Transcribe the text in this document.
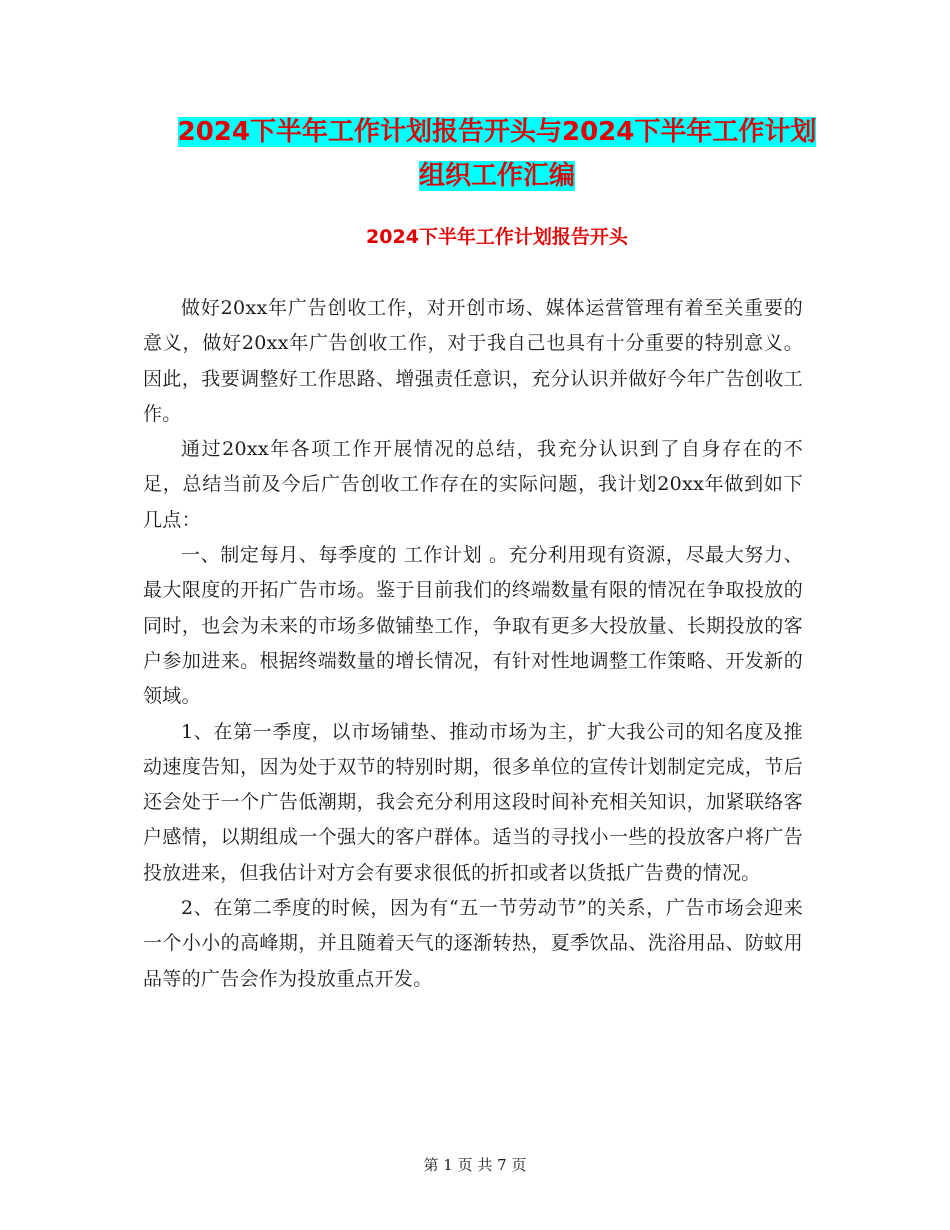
2024下半年工作计划报告开头与2024下半年工作计划
组织工作汇编
2024下半年工作计划报告开头

做好20xx年广告创收工作，对开创市场、媒体运营管理有着至关重要的意义，做好20xx年广告创收工作，对于我自己也具有十分重要的特别意义。因此，我要调整好工作思路、增强责任意识，充分认识并做好今年广告创收工作。

通过20xx年各项工作开展情况的总结，我充分认识到了自身存在的不足，总结当前及今后广告创收工作存在的实际问题，我计划20xx年做到如下几点：

一、制定每月、每季度的 工作计划 。充分利用现有资源，尽最大努力、最大限度的开拓广告市场。鉴于目前我们的终端数量有限的情况在争取投放的同时，也会为未来的市场多做铺垫工作，争取有更多大投放量、长期投放的客户参加进来。根据终端数量的增长情况，有针对性地调整工作策略、开发新的领域。

1、在第一季度，以市场铺垫、推动市场为主，扩大我公司的知名度及推动速度告知，因为处于双节的特别时期，很多单位的宣传计划制定完成，节后还会处于一个广告低潮期，我会充分利用这段时间补充相关知识，加紧联络客户感情，以期组成一个强大的客户群体。适当的寻找小一些的投放客户将广告投放进来，但我估计对方会有要求很低的折扣或者以货抵广告费的情况。

2、在第二季度的时候，因为有“五一节劳动节”的关系，广告市场会迎来一个小小的高峰期，并且随着天气的逐渐转热，夏季饮品、洗浴用品、防蚊用品等的广告会作为投放重点开发。

第 1 页 共 7 页
